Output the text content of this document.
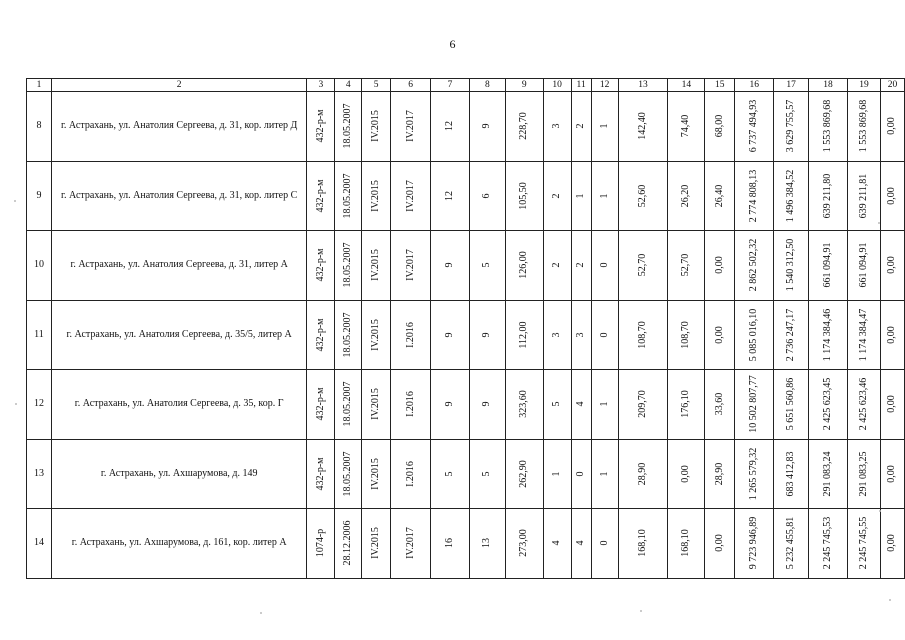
6
1	2	3	4	5	6	7	8	9	10	11	12	13	14	15	16	17	18	19	20
8	г. Астрахань, ул. Анатолия Сергеева, д. 31, кор. литер Д	432-р-м	18.05.2007	IV.2015	IV.2017	12	9	228,70	3	2	1	142,40	74,40	68,00	6 737 494,93	3 629 755,57	1 553 869,68	1 553 869,68	0,00

9	г. Астрахань, ул. Анатолия Сергеева, д. 31, кор. литер С	432-р-м	18.05.2007	IV.2015	IV.2017	12	6	105,50	2	1	1	52,60	26,20	26,40	2 774 808,13	1 496 384,52	639 211,80	639 211,81	0,00

10	г. Астрахань, ул. Анатолия Сергеева, д. 31, литер А	432-р-м	18.05.2007	IV.2015	IV.2017	9	5	126,00	2	2	0	52,70	52,70	0,00	2 862 502,32	1 540 312,50	661 094,91	661 094,91	0,00

11	г. Астрахань, ул. Анатолия Сергеева, д. 35/5, литер А	432-р-м	18.05.2007	IV.2015	I.2016	9	9	112,00	3	3	0	108,70	108,70	0,00	5 085 016,10	2 736 247,17	1 174 384,46	1 174 384,47	0,00

12	г. Астрахань, ул. Анатолия Сергеева, д. 35, кор. Г	432-р-м	18.05.2007	IV.2015	I.2016	9	9	323,60	5	4	1	209,70	176,10	33,60	10 502 807,77	5 651 560,86	2 425 623,45	2 425 623,46	0,00

13	г. Астрахань, ул. Ахшарумова, д. 149	432-р-м	18.05.2007	IV.2015	I.2016	5	5	262,90	1	0	1	28,90	0,00	28,90	1 265 579,32	683 412,83	291 083,24	291 083,25	0,00

14	г. Астрахань, ул. Ахшарумова, д. 161, кор. литер А	1074-р	28.12.2006	IV.2015	IV.2017	16	13	273,00	4	4	0	168,10	168,10	0,00	9 723 946,89	5 232 455,81	2 245 745,53	2 245 745,55	0,00
